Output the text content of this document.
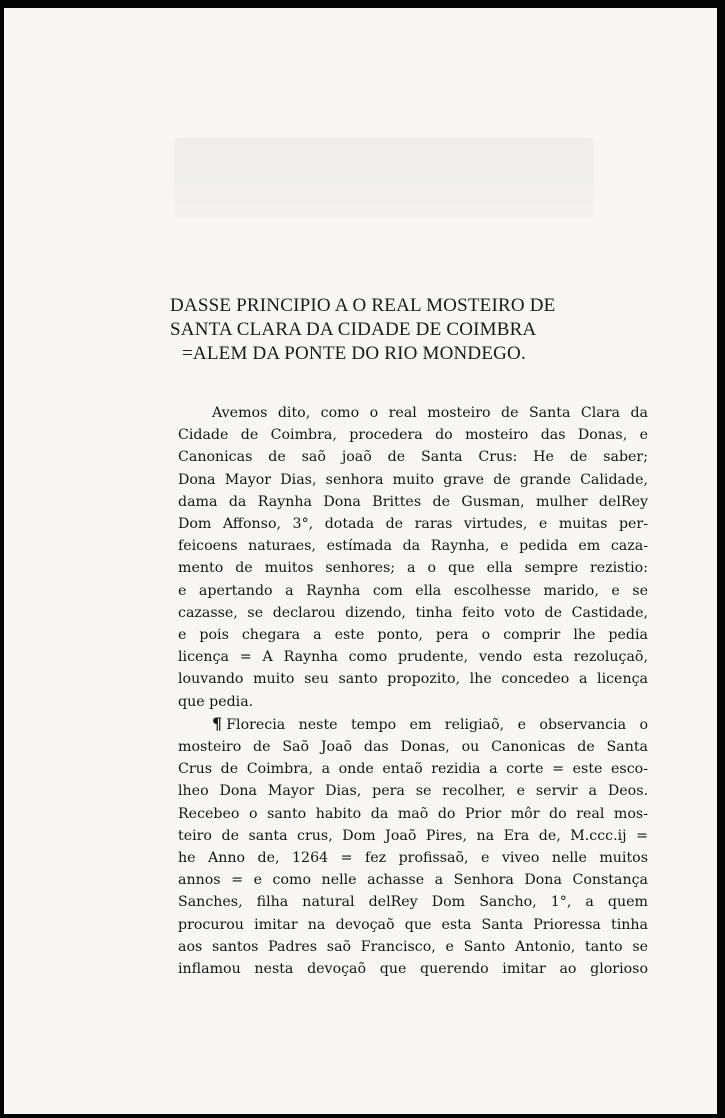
DASSE PRINCIPIO A O REAL MOSTEIRO DE
SANTA CLARA DA CIDADE DE COIMBRA
=ALEM DA PONTE DO RIO MONDEGO.
Avemos dito, como o real mosteiro de Santa Clara da
Cidade de Coimbra, procedera do mosteiro das Donas, e
Canonicas de saõ joaõ de Santa Crus: He de saber;
Dona Mayor Dias, senhora muito grave de grande Calidade,
dama da Raynha Dona Brittes de Gusman, mulher delRey
Dom Affonso, 3°, dotada de raras virtudes, e muitas per-
feicoens naturaes, estímada da Raynha, e pedida em caza-
mento de muitos senhores; a o que ella sempre rezistio:
e apertando a Raynha com ella escolhesse marido, e se
cazasse, se declarou dizendo, tinha feito voto de Castidade,
e pois chegara a este ponto, pera o comprir lhe pedia
licença = A Raynha como prudente, vendo esta rezoluçaõ,
louvando muito seu santo propozito, lhe concedeo a licença
que pedia.
¶ Florecia neste tempo em religiaõ, e observancia o
mosteiro de Saõ Joaõ das Donas, ou Canonicas de Santa
Crus de Coimbra, a onde entaõ rezidia a corte = este esco-
lheo Dona Mayor Dias, pera se recolher, e servir a Deos.
Recebeo o santo habito da maõ do Prior môr do real mos-
teiro de santa crus, Dom Joaõ Pires, na Era de, M.ccc.ij =
he Anno de, 1264 = fez profissaõ, e viveo nelle muitos
annos = e como nelle achasse a Senhora Dona Constança
Sanches, filha natural delRey Dom Sancho, 1°, a quem
procurou imitar na devoçaõ que esta Santa Prioressa tinha
aos santos Padres saõ Francisco, e Santo Antonio, tanto se
inflamou nesta devoçaõ que querendo imitar ao glorioso
